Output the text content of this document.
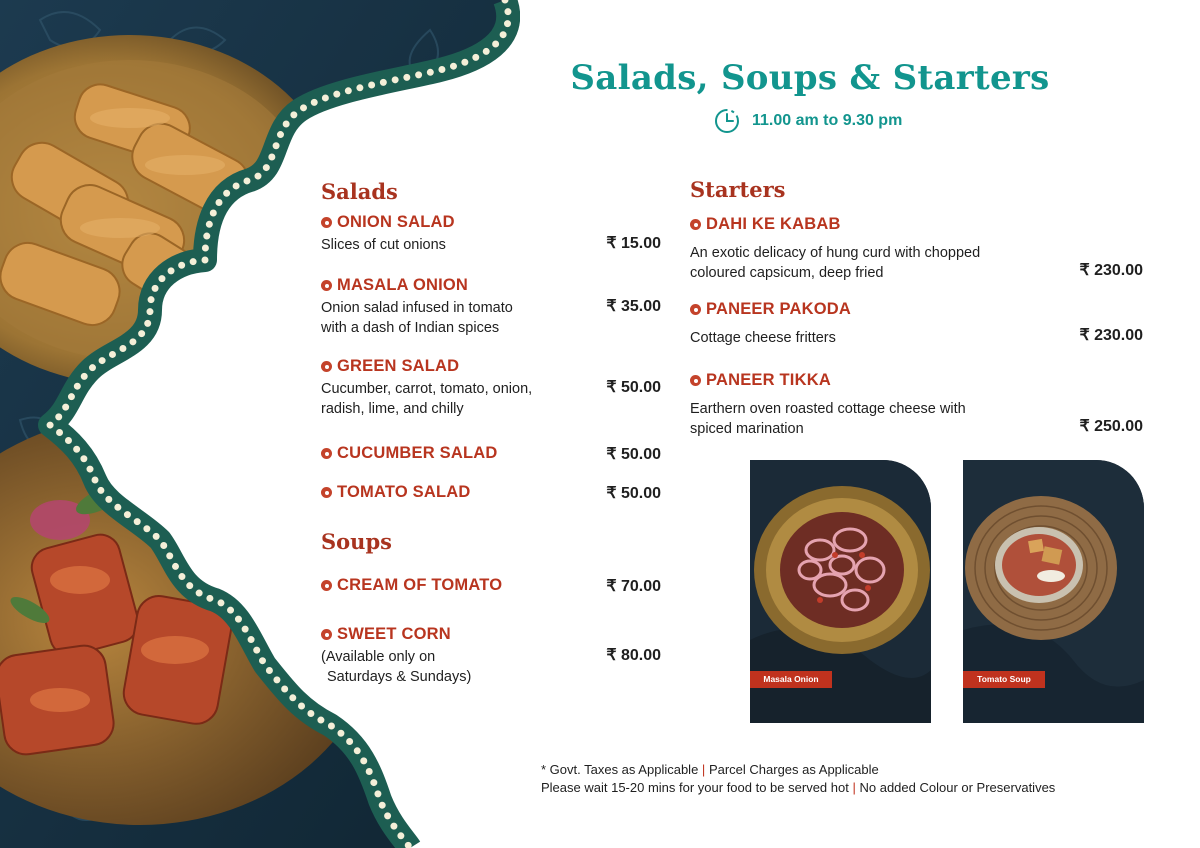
Salads, Soups & Starters
11.00 am to 9.30 pm
Salads
ONION SALAD
Slices of cut onions	₹ 15.00
MASALA ONION
Onion salad infused in tomato
with a dash of Indian spices
₹ 35.00
GREEN SALAD
Cucumber, carrot, tomato, onion,
radish, lime, and chilly
₹ 50.00
CUCUMBER SALAD	₹ 50.00
TOMATO SALAD	₹ 50.00
Soups
CREAM OF TOMATO	₹ 70.00
SWEET CORN
(Available only on
Saturdays & Sundays)
₹ 80.00
Starters
DAHI KE KABAB
An exotic delicacy of hung curd with chopped
coloured capsicum, deep fried	₹ 230.00
PANEER PAKODA
Cottage cheese fritters	₹ 230.00
PANEER TIKKA
Earthern oven roasted cottage cheese with
spiced marination	₹ 250.00
Masala Onion	Tomato Soup
* Govt. Taxes as Applicable | Parcel Charges as Applicable
Please wait 15-20 mins for your food to be served hot | No added Colour or Preservatives
